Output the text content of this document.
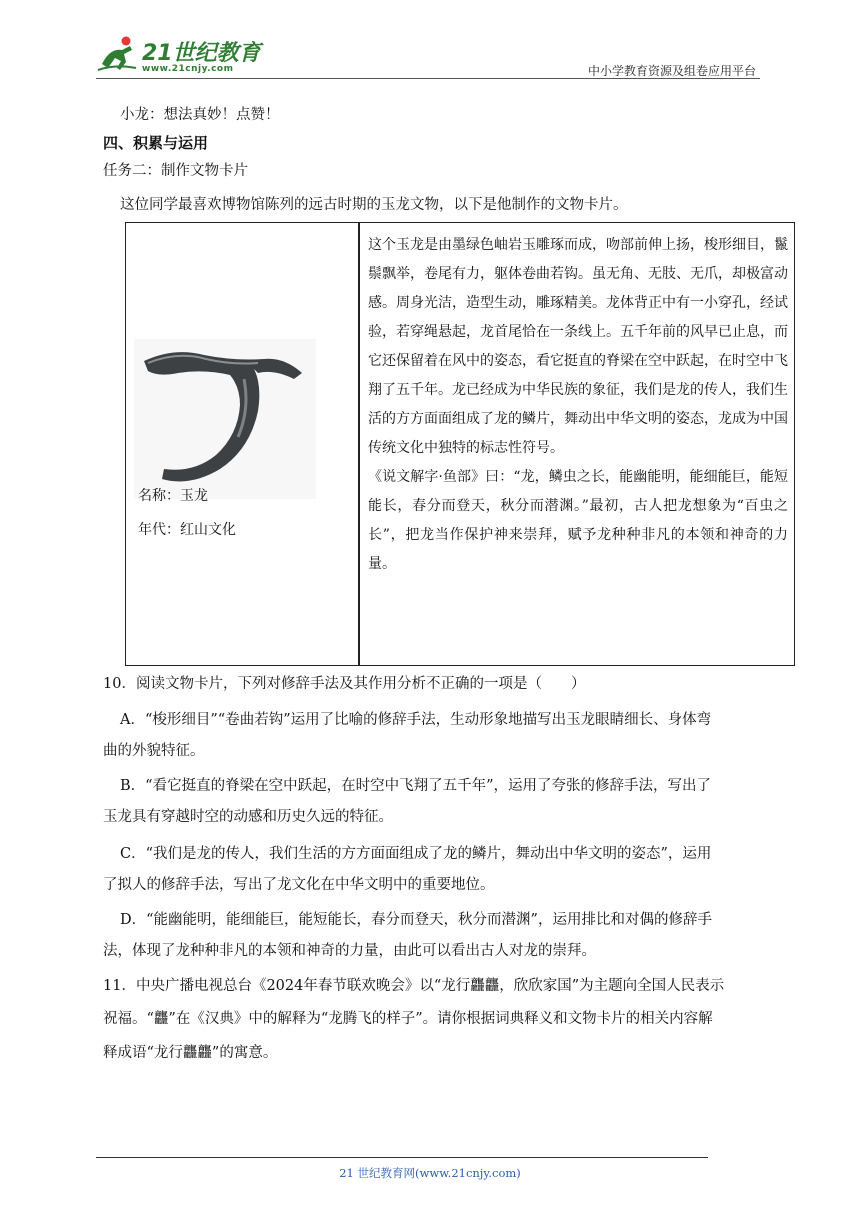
21世纪教育
www.21cnjy.com	中小学教育资源及组卷应用平台
小龙：想法真妙！点赞！
四、积累与运用
任务二：制作文物卡片
这位同学最喜欢博物馆陈列的远古时期的玉龙文物，以下是他制作的文物卡片。
名称：玉龙
年代：红山文化

这个玉龙是由墨绿色岫岩玉雕琢而成，吻部前伸上扬，梭形细目，鬣鬃飘举，卷尾有力，躯体卷曲若钩。虽无角、无肢、无爪，却极富动感。周身光洁，造型生动，雕琢精美。龙体背正中有一小穿孔，经试验，若穿绳悬起，龙首尾恰在一条线上。五千年前的风早已止息，而它还保留着在风中的姿态，看它挺直的脊梁在空中跃起，在时空中飞翔了五千年。龙已经成为中华民族的象征，我们是龙的传人，我们生活的方方面面组成了龙的鳞片，舞动出中华文明的姿态，龙成为中国传统文化中独特的标志性符号。

《说文解字·鱼部》曰：“龙，鳞虫之长，能幽能明，能细能巨，能短能长，春分而登天，秋分而潜渊。”最初，古人把龙想象为“百虫之长”，把龙当作保护神来崇拜，赋予龙种种非凡的本领和神奇的力量。

10．阅读文物卡片，下列对修辞手法及其作用分析不正确的一项是（　　）
A．“梭形细目”“卷曲若钩”运用了比喻的修辞手法，生动形象地描写出玉龙眼睛细长、身体弯
曲的外貌特征。
B．“看它挺直的脊梁在空中跃起，在时空中飞翔了五千年”，运用了夸张的修辞手法，写出了
玉龙具有穿越时空的动感和历史久远的特征。
C．“我们是龙的传人，我们生活的方方面面组成了龙的鳞片，舞动出中华文明的姿态”，运用
了拟人的修辞手法，写出了龙文化在中华文明中的重要地位。
D．“能幽能明，能细能巨，能短能长，春分而登天，秋分而潜渊”，运用排比和对偶的修辞手
法，体现了龙种种非凡的本领和神奇的力量，由此可以看出古人对龙的崇拜。
11．中央广播电视总台《2024年春节联欢晚会》以“龙行龘龘，欣欣家国”为主题向全国人民表示
祝福。“龘”在《汉典》中的解释为“龙腾飞的样子”。请你根据词典释义和文物卡片的相关内容解
释成语“龙行龘龘”的寓意。
21 世纪教育网(www.21cnjy.com)
